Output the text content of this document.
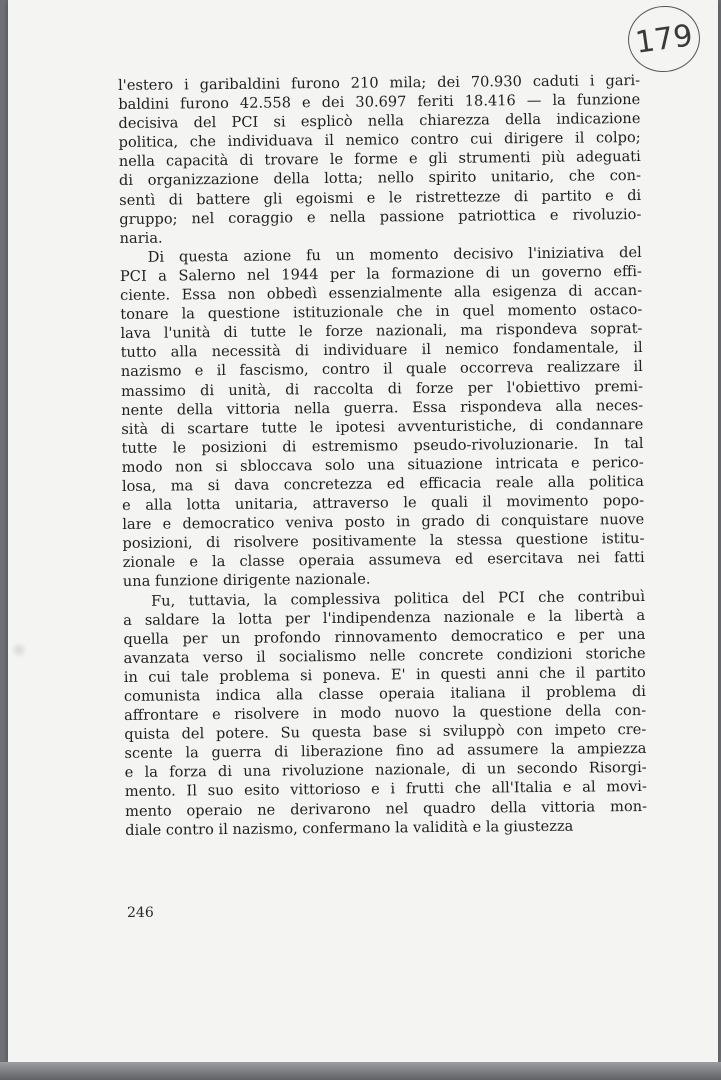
179
l'estero i garibaldini furono 210 mila; dei 70.930 caduti i gari-
baldini furono 42.558 e dei 30.697 feriti 18.416 — la funzione
decisiva del PCI si esplicò nella chiarezza della indicazione
politica, che individuava il nemico contro cui dirigere il colpo;
nella capacità di trovare le forme e gli strumenti più adeguati
di organizzazione della lotta; nello spirito unitario, che con-
sentì di battere gli egoismi e le ristrettezze di partito e di
gruppo; nel coraggio e nella passione patriottica e rivoluzio-
naria.
Di questa azione fu un momento decisivo l'iniziativa del
PCI a Salerno nel 1944 per la formazione di un governo effi-
ciente. Essa non obbedì essenzialmente alla esigenza di accan-
tonare la questione istituzionale che in quel momento ostaco-
lava l'unità di tutte le forze nazionali, ma rispondeva soprat-
tutto alla necessità di individuare il nemico fondamentale, il
nazismo e il fascismo, contro il quale occorreva realizzare il
massimo di unità, di raccolta di forze per l'obiettivo premi-
nente della vittoria nella guerra. Essa rispondeva alla neces-
sità di scartare tutte le ipotesi avventuristiche, di condannare
tutte le posizioni di estremismo pseudo-rivoluzionarie. In tal
modo non si sbloccava solo una situazione intricata e perico-
losa, ma si dava concretezza ed efficacia reale alla politica
e alla lotta unitaria, attraverso le quali il movimento popo-
lare e democratico veniva posto in grado di conquistare nuove
posizioni, di risolvere positivamente la stessa questione istitu-
zionale e la classe operaia assumeva ed esercitava nei fatti
una funzione dirigente nazionale.
Fu, tuttavia, la complessiva politica del PCI che contribuì
a saldare la lotta per l'indipendenza nazionale e la libertà a
quella per un profondo rinnovamento democratico e per una
avanzata verso il socialismo nelle concrete condizioni storiche
in cui tale problema si poneva. E' in questi anni che il partito
comunista indica alla classe operaia italiana il problema di
affrontare e risolvere in modo nuovo la questione della con-
quista del potere. Su questa base si sviluppò con impeto cre-
scente la guerra di liberazione fino ad assumere la ampiezza
e la forza di una rivoluzione nazionale, di un secondo Risorgi-
mento. Il suo esito vittorioso e i frutti che all'Italia e al movi-
mento operaio ne derivarono nel quadro della vittoria mon-
diale contro il nazismo, confermano la validità e la giustezza
246
